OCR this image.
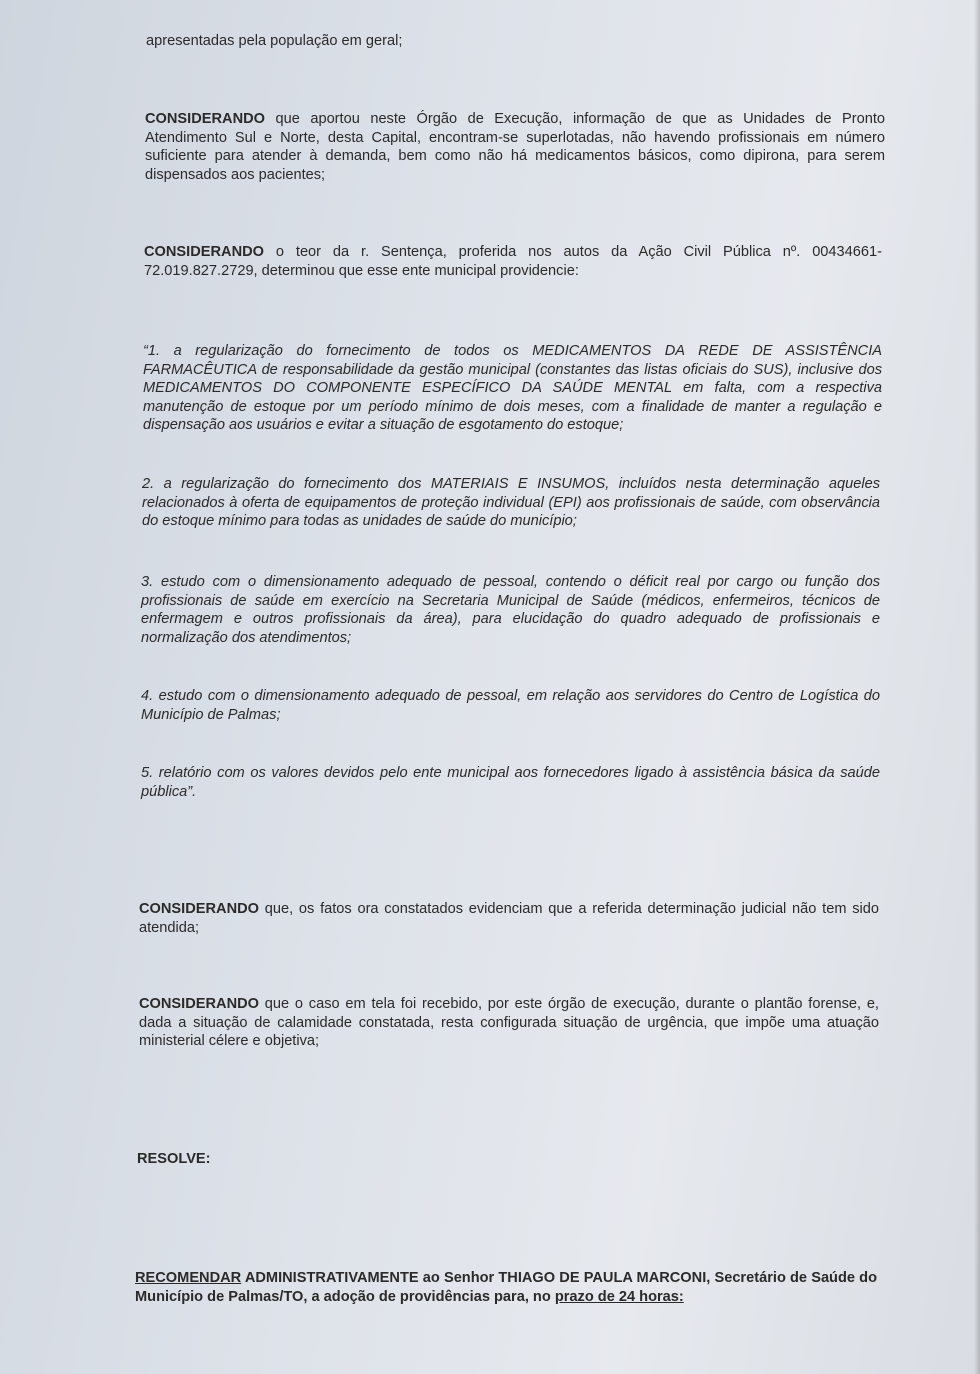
apresentadas pela população em geral;
CONSIDERANDO que aportou neste Órgão de Execução, informação de que as Unidades de Pronto Atendimento Sul e Norte, desta Capital, encontram-se superlotadas, não havendo profissionais em número suficiente para atender à demanda, bem como não há medicamentos básicos, como dipirona, para serem dispensados aos pacientes;
CONSIDERANDO o teor da r. Sentença, proferida nos autos da Ação Civil Pública nº. 00434661-72.019.827.2729, determinou que esse ente municipal providencie:
“1. a regularização do fornecimento de todos os MEDICAMENTOS DA REDE DE ASSISTÊNCIA FARMACÊUTICA de responsabilidade da gestão municipal (constantes das listas oficiais do SUS), inclusive dos MEDICAMENTOS DO COMPONENTE ESPECÍFICO DA SAÚDE MENTAL em falta, com a respectiva manutenção de estoque por um período mínimo de dois meses, com a finalidade de manter a regulação e dispensação aos usuários e evitar a situação de esgotamento do estoque;
2. a regularização do fornecimento dos MATERIAIS E INSUMOS, incluídos nesta determinação aqueles relacionados à oferta de equipamentos de proteção individual (EPI) aos profissionais de saúde, com observância do estoque mínimo para todas as unidades de saúde do município;
3. estudo com o dimensionamento adequado de pessoal, contendo o déficit real por cargo ou função dos profissionais de saúde em exercício na Secretaria Municipal de Saúde (médicos, enfermeiros, técnicos de enfermagem e outros profissionais da área), para elucidação do quadro adequado de profissionais e normalização dos atendimentos;
4. estudo com o dimensionamento adequado de pessoal, em relação aos servidores do Centro de Logística do Município de Palmas;
5. relatório com os valores devidos pelo ente municipal aos fornecedores ligado à assistência básica da saúde pública”.
CONSIDERANDO que, os fatos ora constatados evidenciam que a referida determinação judicial não tem sido atendida;
CONSIDERANDO que o caso em tela foi recebido, por este órgão de execução, durante o plantão forense, e, dada a situação de calamidade constatada, resta configurada situação de urgência, que impõe uma atuação ministerial célere e objetiva;
RESOLVE:
RECOMENDAR ADMINISTRATIVAMENTE ao Senhor THIAGO DE PAULA MARCONI, Secretário de Saúde do Município de Palmas/TO, a adoção de providências para, no prazo de 24 horas:
